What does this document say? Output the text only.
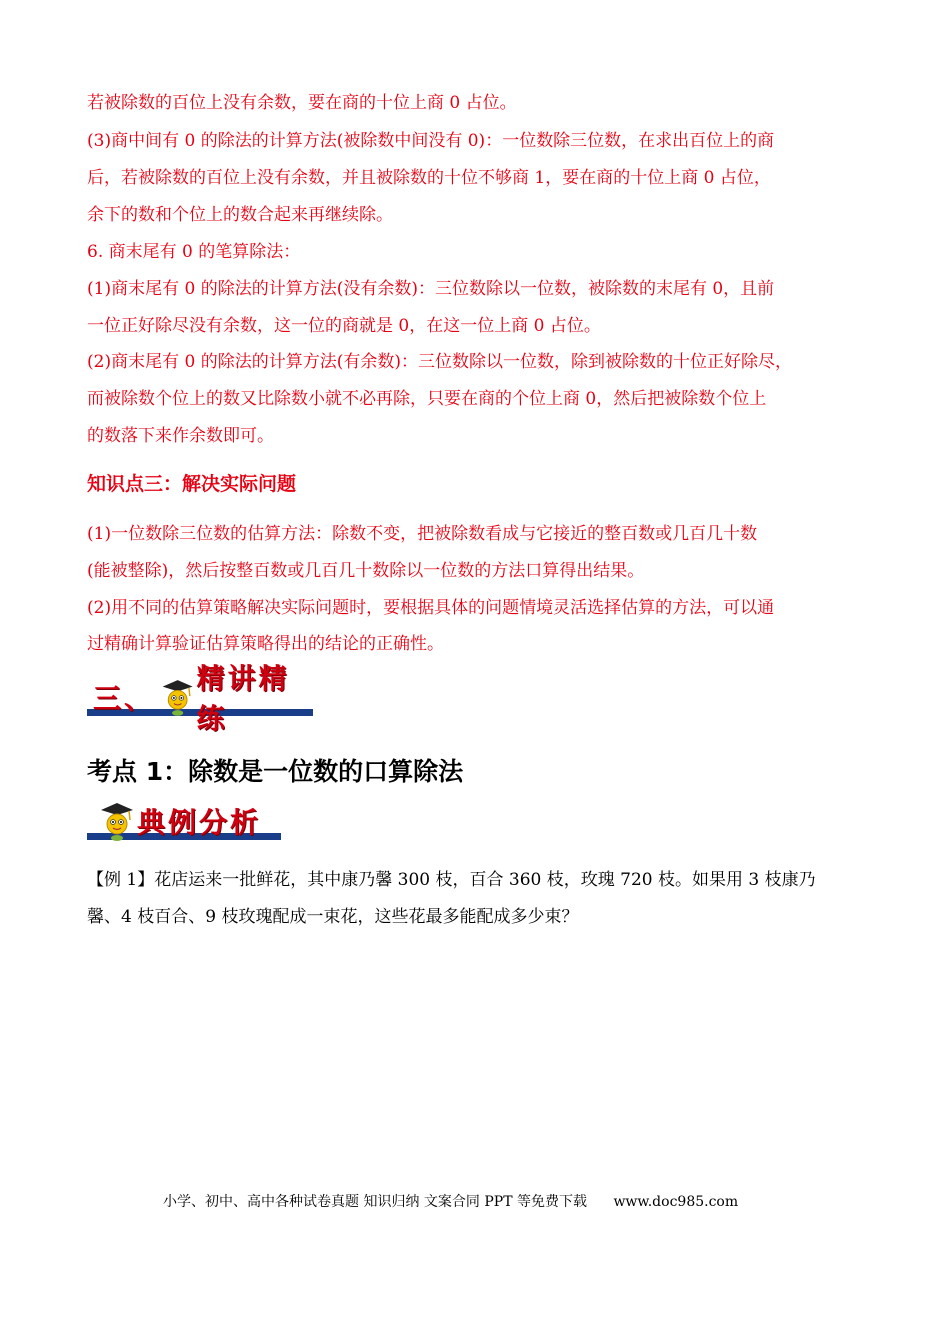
若被除数的百位上没有余数，要在商的十位上商 0 占位。
(3)商中间有 0 的除法的计算方法(被除数中间没有 0)：一位数除三位数，在求出百位上的商
后，若被除数的百位上没有余数，并且被除数的十位不够商 1，要在商的十位上商 0 占位，
余下的数和个位上的数合起来再继续除。
6. 商末尾有 0 的笔算除法：
(1)商末尾有 0 的除法的计算方法(没有余数)：三位数除以一位数，被除数的末尾有 0，且前
一位正好除尽没有余数，这一位的商就是 0，在这一位上商 0 占位。
(2)商末尾有 0 的除法的计算方法(有余数)：三位数除以一位数，除到被除数的十位正好除尽，
而被除数个位上的数又比除数小就不必再除，只要在商的个位上商 0，然后把被除数个位上
的数落下来作余数即可。
知识点三：解决实际问题
(1)一位数除三位数的估算方法：除数不变，把被除数看成与它接近的整百数或几百几十数
(能被整除)，然后按整百数或几百几十数除以一位数的方法口算得出结果。
(2)用不同的估算策略解决实际问题时，要根据具体的问题情境灵活选择估算的方法，可以通
过精确计算验证估算策略得出的结论的正确性。
三、
精讲精练
考点 1：除数是一位数的口算除法
典例分析
【例 1】花店运来一批鲜花，其中康乃馨 300 枝，百合 360 枝，玫瑰 720 枝。如果用 3 枝康乃
馨、4 枝百合、9 枝玫瑰配成一束花，这些花最多能配成多少束？
小学、初中、高中各种试卷真题 知识归纳 文案合同 PPT 等免费下载 www.doc985.com
